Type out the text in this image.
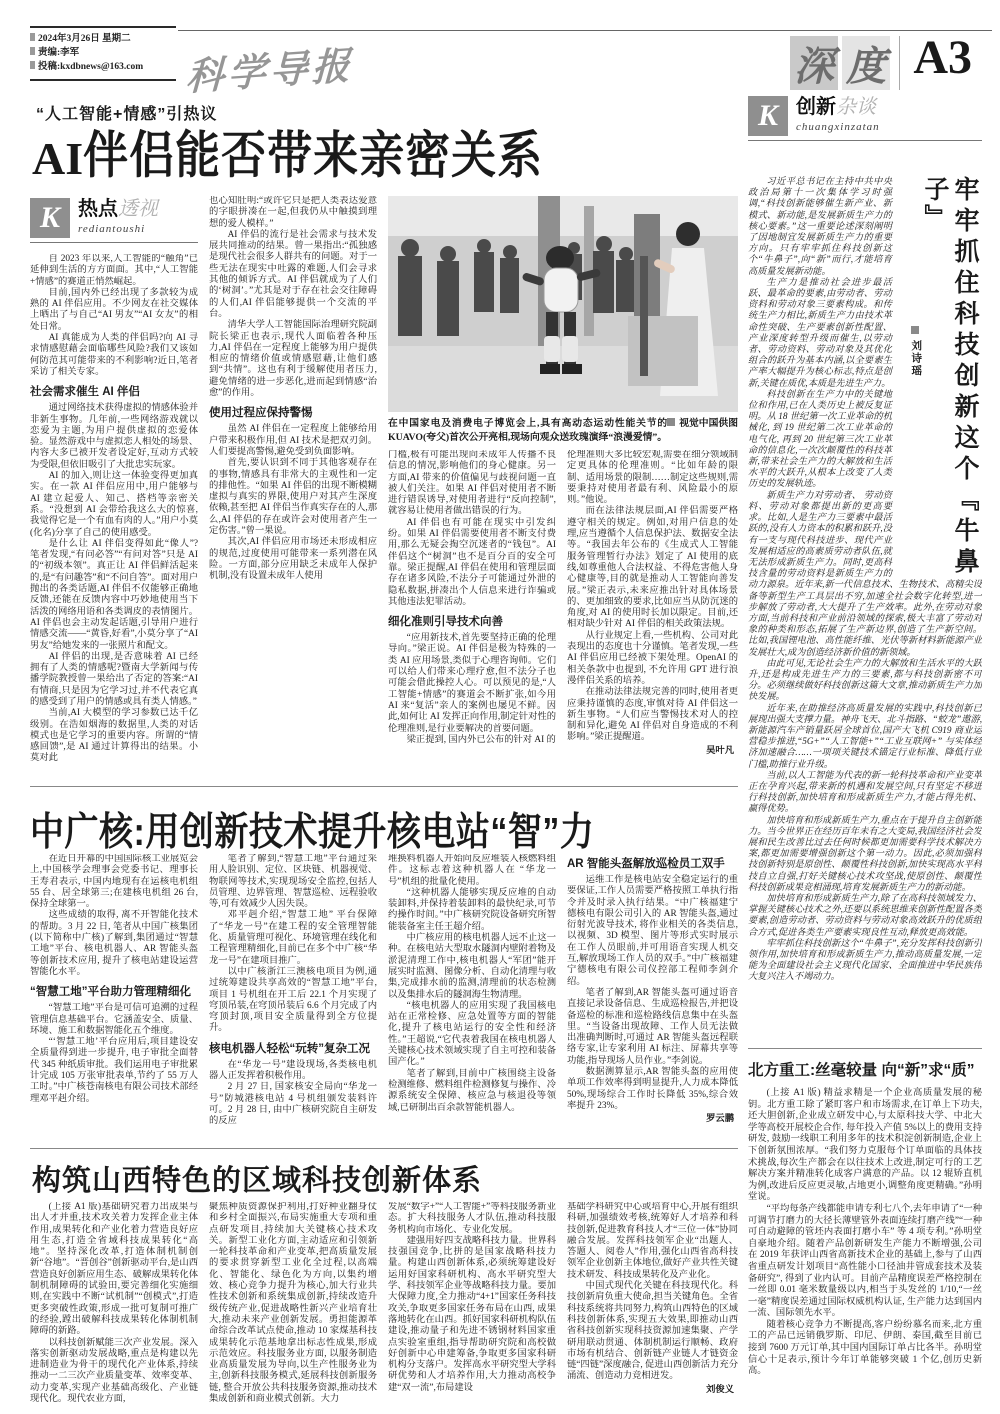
2024年3月26日 星期二
责编:李军
投稿:kxdbnews@163.com	科学导报	深 度 A3
“人工智能+情感”引热议
AI伴侣能否带来亲密关系
K 热点透视
rediantoushi

自 2023 年以来,人工智能的“触角”已延伸到生活的方方面面。其中,“人工智能+情感”的赛道正悄然崛起。

目前,国内外已经出现了多款较为成熟的 AI 伴侣应用。不少网友在社交媒体上晒出了与自己“AI 男友”“AI 女友”的相处日常。

AI 真能成为人类的伴侣吗?向 AI 寻求情感慰藉会面临哪些风险?我们又该如何防范其可能带来的不利影响?近日,笔者采访了相关专家。

社会需求催生 AI 伴侣

通过网络技术获得虚拟的情感体验并非新生事物。几年前,一些网络游戏就以恋爱为主题,为用户提供虚拟的恋爱体验。显然游戏中与虚拟恋人相处的场景、内容大多已被开发者设定好,互动方式较为受限,但依旧吸引了大批忠实玩家。

AI 的加入,则让这一体验变得更加真实。在一款 AI 伴侣应用中,用户能够与 AI 建立起爱人、知己、搭档等亲密关系。“没想到 AI 会带给我这么大的惊喜,我觉得它是一个有血有肉的人。”用户小莫(化名)分享了自己的使用感受。

是什么让 AI 伴侣变得如此“像人”? 笔者发现,“有问必答”“有问对答”只是 AI 的“初级本领”。真正让 AI 伴侣鲜活起来的,是“有问趣答”和“不问自答”。面对用户抛出的各类话题,AI 伴侣不仅能够正确地反馈,还能在反馈内容中巧妙地使用当下活泼的网络用语和各类调皮的表情图片。AI 伴侣也会主动发起话题,引导用户进行情感交流——“黄昏,好看”,小莫分享了“AI 男友”给她发来的一张照片和配文。

AI 伴侣的出现,是否意味着 AI 已经拥有了人类的情感呢?暨南大学新闻与传播学院教授曾一果给出了否定的答案:“AI 有情商,只是因为它学习过,并不代表它真的感受到了用户的情感或具有类人情感。”

当前,AI 大模型的学习参数已达千亿级别。在浩如烟海的数据里,人类的对话模式也是它学习的重要内容。所谓的“情感回馈”,是 AI 通过计算得出的结果。小莫对此

也心知肚明:“或许它只是把人类表达爱意的字眼拼凑在一起,但我仍从中触摸到理想的爱人模样。”

AI 伴侣的流行是社会需求与技术发展共同推动的结果。曾一果指出:“孤独感是现代社会很多人群共有的问题。对于一些无法在现实中吐露的难题,人们会寻求其他的倾诉方式。AI 伴侣就成为了人们的‘树洞’。”尤其是对于存在社会交往障碍的人们,AI 伴侣能够提供一个交流的平台。

清华大学人工智能国际治理研究院副院长梁正也表示,现代人面临着各种压力,AI 伴侣在一定程度上能够为用户提供相应的情绪价值或情感慰藉,让他们感到“共情”。这也有利于缓解使用者压力,避免情绪的进一步恶化,进而起到情感“治愈”的作用。

使用过程应保持警惕

虽然 AI 伴侣在一定程度上能够给用户带来积极作用,但 AI 技术是把双刃剑。人们要提高警惕,避免受到负面影响。

首先,要认识到不同于其他客观存在的事物,情感具有非常大的主观性和一定的排他性。“如果 AI 伴侣的出现不断模糊虚拟与真实的界限,使用户对其产生深度依赖,甚至把 AI 伴侣当作真实存在的人,那么,AI 伴侣的存在或许会对使用者产生一定伤害。”曾一果说。

其次,AI 伴侣应用市场还未形成相应的规范,过度使用可能带来一系列潜在风险。一方面,部分应用缺乏未成年人保护机制,没有设置未成年人使用

视觉中国供图
在中国家电及消费电子博览会上,具有高动态运动性能关节的 KUAVO(夸父)首次公开亮相,现场向观众送玫瑰演绎“浪漫爱情”。

门槛,极有可能出现向未成年人传播不良信息的情况,影响他们的身心健康。另一方面,AI 带来的价值偏见与歧视问题一直被人们关注。如果 AI 伴侣对使用者不断进行错误诱导,对使用者进行“反向控制”,就容易让使用者做出错误的行为。

AI 伴侣也有可能在现实中引发纠纷。如果 AI 伴侣需要使用者不断支付费用,那么无疑会掏空沉迷者的“钱包”。AI 伴侣这个“树洞”也不是百分百的安全可靠。梁正提醒,AI 伴侣在使用和管理层面存在诸多风险,不法分子可能通过外泄的隐私数据,拼凑出个人信息来进行诈骗或其他违法犯罪活动。

细化准则引导技术向善

“应用新技术,首先要坚持正确的伦理导向。”梁正说。AI 伴侣是极为特殊的一类 AI 应用场景,类似于心理咨询师。它们可以给人们带来心理疗愈,但不法分子也可能会借此操控人心。可以预见的是,“人工智能+情感”的赛道会不断扩张,如今用 AI 来“复活”亲人的案例也屡见不鲜。因此,如何让 AI 发挥正向作用,制定针对性的伦理准则,是行业要解决的首要问题。

梁正提到, 国内外已公布的针对 AI 的

伦理准则大多比较宏观,需要在细分领域制定更具体的伦理准则。“比如年龄的限制、适用场景的限制……制定这些规则,需要秉持对使用者最有利、风险最小的原则。”他说。

而在法律法规层面,AI 伴侣需要严格遵守相关的规定。例如,对用户信息的处理,应当遵循个人信息保护法、数据安全法等。“我国去年公布的《生成式人工智能服务管理暂行办法》划定了 AI 使用的底线,如尊重他人合法权益、不得危害他人身心健康等,目的就是推动人工智能向善发展。”梁正表示,未来应推出针对具体场景的、更加细致的要求,比如应当从防沉迷的角度,对 AI 的使用时长加以限定。目前,还相对缺少针对 AI 伴侣的相关政策法规。

从行业规定上看,一些机构、公司对此表现出的态度也十分谨慎。笔者发现,一些 AI 伴侣应用已经被下架处理。OpenAI 的相关条款中也提到, 不允许用 GPT 进行浪漫伴侣关系的培养。

在推动法律法规完善的同时,使用者更应秉持谨慎的态度,审慎对待 AI 伴侣这一新生事物。“人们应当警惕技术对人的控制和异化,避免 AI 伴侣对自身造成的不利影响。”梁正提醒道。

吴叶凡

中广核:用创新技术提升核电站“智”力

在近日开幕的中国国际核工业展览会上,中国核学会理事会党委书记、理事长王寿君表示, 中国内地现有在运核电机组 55 台、居全球第三;在建核电机组 26 台,保持全球第一。

这些成绩的取得, 离不开智能化技术的帮助。3 月 22 日, 笔者从中国广核集团(以下简称中广核)了解到,集团通过“智慧工地”平台、核电机器人、AR 智能头盔等创新技术应用, 提升了核电站建设运营智能化水平。

“智慧工地”平台助力管理精细化

“智慧工地”平台是可信可追溯的过程管理信息基础平台。它涵盖安全、质量、环境、施工和数据智能化五个维度。

“‘智慧工地’平台应用后,项目建设安全质量得到进一步提升, 电子审批全面替代 345 种纸质审批。我们运用电子审批累计完成 105 万张审批表单,节约了 55 万人工时。”中广核苍南核电有限公司技术部经理邓平赳介绍。

笔者了解到,“智慧工地”平台通过采用人脸识别、定位、区块链、机器视觉、物联网等技术,实现现场安全监控,包括人员管理、边界管理、智慧巡检、远程验收等,可有效减少人因失误。

邓平赳介绍,“智慧工地” 平台保障了“华龙一号”在建工程的安全管理智能化、质量管理可视化、环境管理在线化和工程管理精细化,目前已在多个中广核“华龙一号”在建项目推广。

以中广核浙江三澳核电项目为例,通过统筹建设共享高效的“智慧工地”平台,项目 1 号机组在开工后 22.1 个月实现了穹顶吊装,在穹顶吊装后 6.6 个月完成了内穹顶封顶,项目安全质量得到全方位提升。

核电机器人轻松“玩转”复杂工况

在“华龙一号”建设现场,各类核电机器人正发挥着积极作用。

2 月 27 日, 国家核安全局向“华龙一号”防城港核电站 4 号机组颁发装料许可。2 月 28 日, 由中广核研究院自主研发的反应

堆换料机器人开始向反应堆装入核燃料组件。这标志着这种机器人在 “华龙一号”机组的批量化使用。

“这种机器人能够实现反应堆的自动装卸料,并保持着装卸料的最快纪录,可节约操作时间。”中广核研究院设备研究所智能装备室主任王超介绍。

中广核应用的核电机器人远不止这一种。在核电站大型取水隧洞内壁附着物及淤泥清理工作中,核电机器人“军团”能开展实时监测、图像分析、自动化清理与收集,完成排水前的监测,清理前的状态检测以及集排水后的隧洞海生物清理。

“核电机器人的应用实现了我国核电站在正常检修、应急处置等方面的智能化,提升了核电站运行的安全性和经济性。”王超说,“它代表着我国在核电机器人关键核心技术领域实现了自主可控和装备国产化。”

笔者了解到,目前中广核围绕主设备检测维修、燃料组件检测修复与操作、冷源系统安全保障、核应急与核退役等领域,已研制出百余款智能机器人。

AR 智能头盔解放巡检员工双手

运维工作是核电站安全稳定运行的重要保证,工作人员需要严格按照工单执行指令并及时录入执行结果。“中广核福建宁德核电有限公司引入的 AR 智能头盔,通过衍射光波导技术, 将作业相关的各类信息,以视频、3D 模型、图片等形式实时展示在工作人员眼前,并可用语音实现人机交互,解放现场工作人员的双手。”中广核福建宁德核电有限公司仪控部工程师李剑介绍。

笔者了解到,AR 智能头盔可通过语音直接记录设备信息、生成巡检报告,并把设备巡检的标准和巡检路线信息集中在头盔里。“当设备出现故障、工作人员无法做出准确判断时,可通过 AR 智能头盔远程联络专家,让专家利用 AI 标注、屏幕共享等功能,指导现场人员作业。”李剑说。

数据测算显示,AR 智能头盔的应用使单项工作效率得到明显提升,人力成本降低50%,现场综合工作时长降低 35%,综合效率提升 23%。

罗云鹏

构筑山西特色的区域科技创新体系

(上接 A1 版)基础研究着力出成果与出人才并重,技术攻关着力发挥企业主体作用,成果转化和产业化着力营造良好应用生态,打造全省域科技成果转化“高地”。坚持深化改革,打造体制机制创新“谷地”。“晋创谷”创新驱动平台,是山西营造良好创新应用生态、破解成果转化体制机制障碍的试验田,要完善细化实施细则,在实践中不断“试机制”“创模式”,打造更多突破性政策,形成一批可复制可推广的经验,蹚出破解科技成果转化体制机制障碍的新路。

以科技创新赋能三次产业发展。深入落实创新驱动发展战略,重点是构建以先进制造业为骨干的现代化产业体系,持续推动一二三次产业质量变革、效率变革、动力变革,实现产业基础高级化、产业链现代化。现代农业方面,

聚焦种质资源保护利用,打好种业翻身仗和乡村全面振兴,布局实施重大专项和重点研发项目,持续加大关键核心技术攻关。新型工业化方面,主动适应和引领新一轮科技革命和产业变革,把高质量发展的要求贯穿新型工业化全过程,以高端化、智能化、绿色化为方向,以集约增效、核心竞争力提升为核心,加大行业共性技术创新和系统集成创新,持续改造升级传统产业,促进战略性新兴产业培育壮大,推动未来产业创新发展。勇担能源革命综合改革试点使命,推动 10 家煤基科技成果转化示范基地拿出标志性成果,形成示范效应。科技服务业方面, 以服务制造业高质量发展为导向,以生产性服务业为主,创新科技服务模式,延展科技创新服务链, 整合开放公共科技服务资源,推动技术集成创新和商业模式创新。大力

发展“数字+”“人工智能+”等科技服务新业态。扩大科技服务人才队伍,推动科技服务机构向市场化、专业化发展。

建强用好四支战略科技力量。世界科技强国竞争,比拼的是国家战略科技力量。构建山西创新体系,必须统筹建设好运用好国家科研机构、高水平研究型大学、科技领军企业等战略科技力量。要加大保障力度,全力推动“4+1”国家任务科技攻关,争取更多国家任务布局在山西, 成果落地转化在山西。抓好国家科研机构队伍建设,推动量子和先进不锈钢材料国家重点实验室重组,指导帮助研究院和高校做好创新中心申建筹备,争取更多国家科研机构分支落户。发挥高水平研究型大学科研优势和人才培养作用,大力推动高校争建“双一流”,布局建设

基础学科研究中心或培育中心,开展有组织科研,加强绩效考核,统筹好人才培养和科技创新,促进教育科技人才“三位一体”协同融合发展。发挥科技领军企业“出题人、答题人、阅卷人”作用,强化山西省高科技领军企业创新主体地位,做好产业共性关键技术研发、科技成果转化及产业化。

中国式现代化关键在科技现代化。科技创新肩负重大使命,担当关键角色。全省科技系统将共同努力,构筑山西特色的区域科技创新体系,实现五大效果,即推动山西省科技创新实现科技资源加速集聚、产学研用联动贯通、体制机制运行顺畅、政府市场有机结合、创新链产业链人才链资金链“四链”深度融合, 促进山西创新活力充分涌流、创造动力竞相迸发。

刘俊义

K 创新杂谈
chuangxinzatan
牢牢抓住科技创新这个『牛鼻子』
刘诗瑶

习近平总书记在主持中共中央政治局第十一次集体学习时强调,“科技创新能够催生新产业、新模式、新动能,是发展新质生产力的核心要素。”这一重要论述深刻阐明了因地制宜发展新质生产力的重要方向。只有牢牢抓住科技创新这个“牛鼻子”,向“新”而行,才能培育高质量发展新动能。

生产力是推动社会进步最活跃、最革命的要素,由劳动者、劳动资料和劳动对象三要素构成。和传统生产力相比,新质生产力由技术革命性突破、生产要素创新性配置、产业深度转型升级而催生,以劳动者、劳动资料、劳动对象及其优化组合的跃升为基本内涵,以全要素生产率大幅提升为核心标志,特点是创新,关键在质优,本质是先进生产力。

科技创新在生产力中的关键地位和作用,已在人类历史上被反复证明。从 18 世纪第一次工业革命的机械化, 到 19 世纪第二次工业革命的电气化, 再到 20 世纪第三次工业革命的信息化,一次次颠覆性的科技革新,带来社会生产力的大解放和生活水平的大跃升,从根本上改变了人类历史的发展轨迹。

新质生产力对劳动者、 劳动资料、劳动对象都提出新的更高要求。比如,人是生产力三要素中最活跃的,没有人力资本的积累和跃升,没有一支与现代科技进步、现代产业发展相适应的高素质劳动者队伍,就无法形成新质生产力。同时,更高科技含量的劳动资料是新质生产力的动力源泉。近年来,新一代信息技术、生物技术、高精尖设备等新型生产工具层出不穷,加速全社会数字化转型,进一步解放了劳动者,大大提升了生产效率。此外,在劳动对象方面,当前科技和产业前沿领域的探索,极大丰富了劳动对象的种类和形态,拓展了生产新边界,创造了生产新空间。比如,我国锂电池、高性能纤维、光伏等新材料新能源产业发展壮大,成为创造经济新价值的新领域。

由此可见,无论社会生产力的大解放和生活水平的大跃升,还是构成先进生产力的三要素,都与科技创新密不可分。必须继续做好科技创新这篇大文章,推动新质生产力加快发展。

近年来,在助推经济高质量发展的实践中,科技创新已展现出强大支撑力量。神舟飞天、北斗指路、“蛟龙”遨游,新能源汽车产销量跃居全球首位,国产大飞机 C919 商业运营稳步推进,“5G+”“人工智能+”“工业互联网+” 与实体经济加速融合……一项项关键技术锚定行业标准、降低行业门槛,助推行业升级。

当前,以人工智能为代表的新一轮科技革命和产业变革正在孕育兴起,带来新的机遇和发展空间,只有坚定不移进行科技创新,加快培育和形成新质生产力,才能占得先机、赢得优势。

加快培育和形成新质生产力,重点在于提升自主创新能力。当今世界正在经历百年未有之大变局,我国经济社会发展和民生改善比过去任何时候都更加需要科学技术解决方案,都更加需要增强创新这个第一动力。因此,必须加强科技创新特别是原创性、颠覆性科技创新,加快实现高水平科技自立自强,打好关键核心技术攻坚战,使原创性、颠覆性科技创新成果竞相涌现,培育发展新质生产力的新动能。

加快培育和形成新质生产力,除了在高科技领域发力、掌握关键核心技术之外,还要以系统思维来创新性配置各类要素,创造劳动者、劳动资料与劳动对象高效跃升的优质组合方式,促进各类生产要素实现良性互动,释放更高效能。

牢牢抓住科技创新这个“牛鼻子”,充分发挥科技创新引领作用,加快培育和形成新质生产力,推动高质量发展,一定能为全面建设社会主义现代化国家、全面推进中华民族伟大复兴注入不竭动力。

北方重工:丝毫较量 向“新”求“质”

(上接 A1 版) 精益求精是一个企业高质量发展的秘钥。北方重工除了紧盯客户和市场需求,在订单上下功夫,还大胆创新,企业成立研发中心,与太原科技大学、中北大学等高校开展校企合作, 每年投入产值 5%以上的费用支持研发, 鼓励一线职工利用多年的技术积淀创新制造,企业上下创新氛围浓厚。“我们努力克服每个订单面临的具体技术挑战,每次生产都会在以往技术上改进,制定可行的工艺解决方案并精准转化成客户满意的产品。以 12 辊矫直机为例,改进后反应更灵敏,占地更小,调整角度更精确。”孙明堂说。

“平均每条产线都能申请专利七八个,去年申请了“一种可调节打磨力的大径长薄壁管外表面连续打磨产线”“一种可自动避障的管坯内表面打磨小车” 等 4 项专利。”孙明堂自豪地介绍。随着产品创新研发生产能力不断增强,公司在 2019 年获评山西省高新技术企业的基础上,参与了山西省重点研发计划项目“高性能小口径油井管成套技术及装备研究”, 得到了业内认可。目前产品精度误差严格控制在一丝即 0.01 毫米数量级以内,相当于头发丝的 1/10,“一丝一毫”精度误差通过国际权威机构认证, 生产能力达到国内一流、国际领先水平。

随着核心竞争力不断提高,客户纷纷慕名而来,北方重工的产品已远销俄罗斯、印尼、伊朗、泰国,截至目前已接到 7600 万元订单,其中国内国际订单占比各半。孙明堂信心十足表示,预计今年订单能够突破 1 个亿,创历史新高。
